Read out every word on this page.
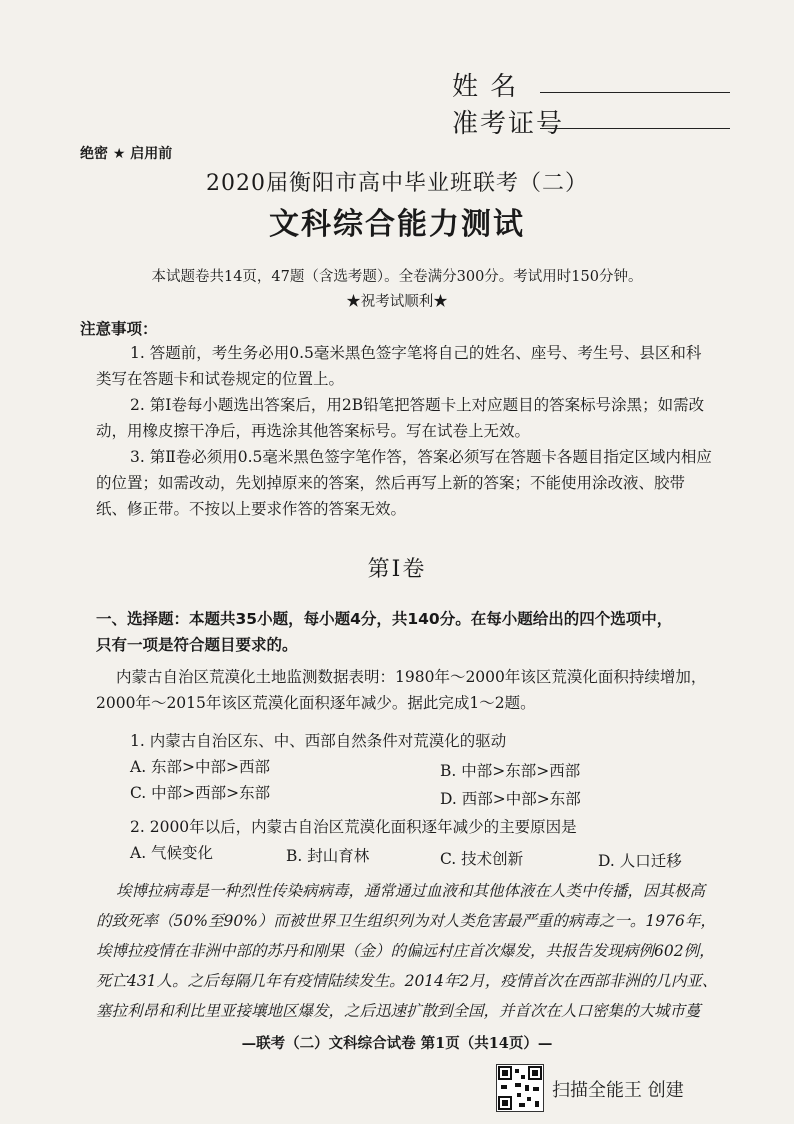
姓 名
准考证号
绝密 ★ 启用前
2020届衡阳市高中毕业班联考（二）
文科综合能力测试
本试题卷共14页，47题（含选考题）。全卷满分300分。考试用时150分钟。
★祝考试顺利★
注意事项：
1. 答题前，考生务必用0.5毫米黑色签字笔将自己的姓名、座号、考生号、县区和科
类写在答题卡和试卷规定的位置上。
2. 第Ⅰ卷每小题选出答案后，用2B铅笔把答题卡上对应题目的答案标号涂黑；如需改
动，用橡皮擦干净后，再选涂其他答案标号。写在试卷上无效。
3. 第Ⅱ卷必须用0.5毫米黑色签字笔作答，答案必须写在答题卡各题目指定区域内相应
的位置；如需改动，先划掉原来的答案，然后再写上新的答案；不能使用涂改液、胶带
纸、修正带。不按以上要求作答的答案无效。
第Ⅰ卷
一、选择题：本题共35小题，每小题4分，共140分。在每小题给出的四个选项中，
只有一项是符合题目要求的。
内蒙古自治区荒漠化土地监测数据表明：1980年～2000年该区荒漠化面积持续增加，
2000年～2015年该区荒漠化面积逐年减少。据此完成1～2题。
1. 内蒙古自治区东、中、西部自然条件对荒漠化的驱动
A. 东部>中部>西部	B. 中部>东部>西部
C. 中部>西部>东部	D. 西部>中部>东部
2. 2000年以后，内蒙古自治区荒漠化面积逐年减少的主要原因是
A. 气候变化	B. 封山育林	C. 技术创新	D. 人口迁移
埃博拉病毒是一种烈性传染病病毒，通常通过血液和其他体液在人类中传播，因其极高
的致死率（50%至90%）而被世界卫生组织列为对人类危害最严重的病毒之一。1976年，
埃博拉疫情在非洲中部的苏丹和刚果（金）的偏远村庄首次爆发，共报告发现病例602例，
死亡431人。之后每隔几年有疫情陆续发生。2014年2月，疫情首次在西部非洲的几内亚、
塞拉利昂和利比里亚接壤地区爆发，之后迅速扩散到全国，并首次在人口密集的大城市蔓
—联考（二）文科综合试卷 第1页（共14页）—
扫描全能王 创建
